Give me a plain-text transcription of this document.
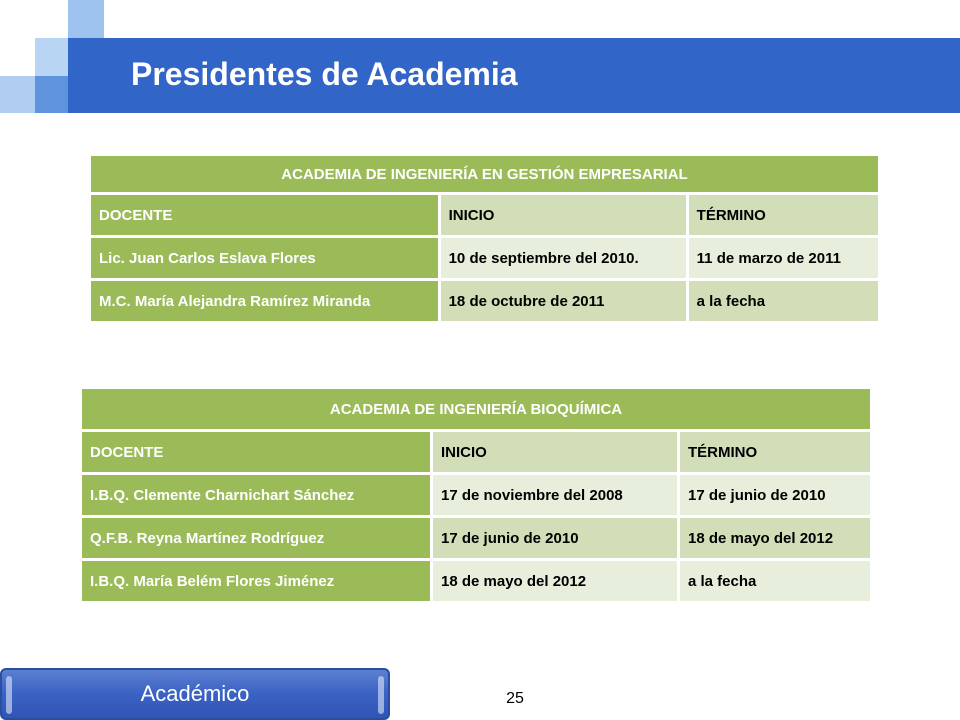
Presidentes de Academia
ACADEMIA DE INGENIERÍA EN GESTIÓN EMPRESARIAL		
DOCENTE	INICIO	TÉRMINO
Lic. Juan Carlos Eslava Flores	10 de septiembre del 2010.	11 de marzo de 2011
M.C. María Alejandra Ramírez Miranda	18 de octubre de 2011	a la fecha
ACADEMIA DE INGENIERÍA BIOQUÍMICA		
DOCENTE	INICIO	TÉRMINO
I.B.Q. Clemente Charnichart Sánchez	17 de noviembre del 2008	17 de junio de 2010
Q.F.B. Reyna Martínez Rodríguez	17 de junio de 2010	18 de mayo del 2012
I.B.Q. María Belém Flores Jiménez	18 de mayo del 2012	a la fecha
Académico	25
